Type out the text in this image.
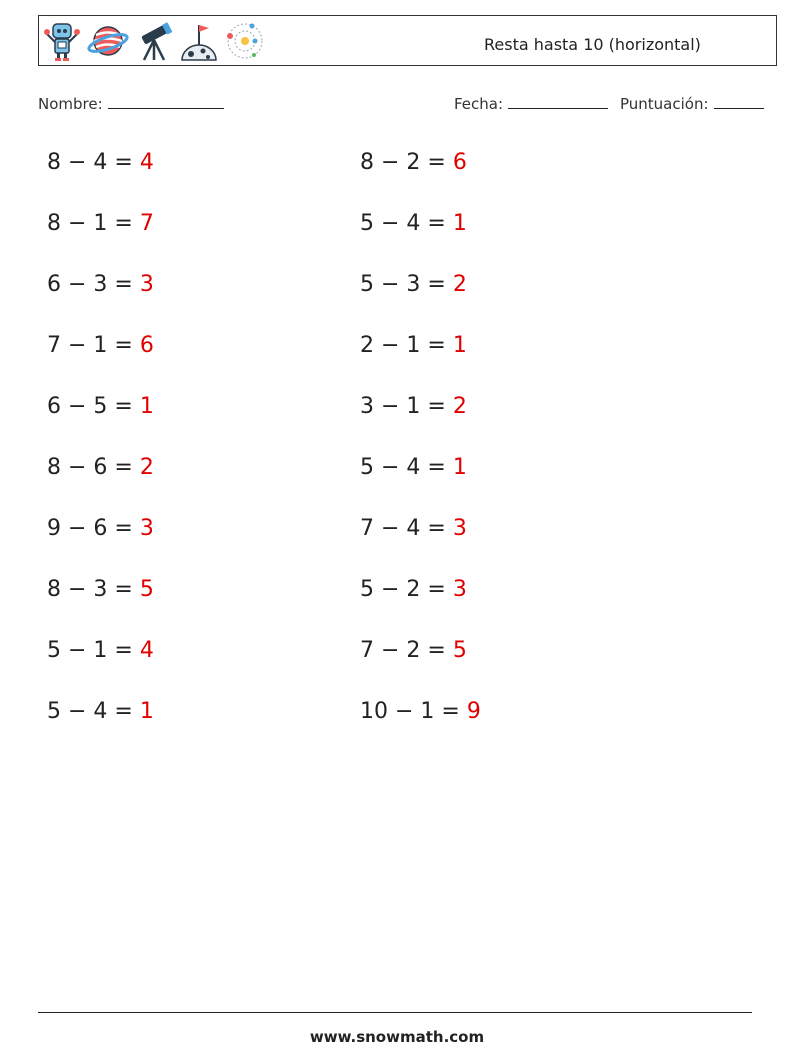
Resta hasta 10 (horizontal)
Nombre:	Fecha:	Puntuación:
8 − 4 = 4
8 − 1 = 7
6 − 3 = 3
7 − 1 = 6
6 − 5 = 1
8 − 6 = 2
9 − 6 = 3
8 − 3 = 5
5 − 1 = 4
5 − 4 = 1
8 − 2 = 6
5 − 4 = 1
5 − 3 = 2
2 − 1 = 1
3 − 1 = 2
5 − 4 = 1
7 − 4 = 3
5 − 2 = 3
7 − 2 = 5
10 − 1 = 9
www.snowmath.com
